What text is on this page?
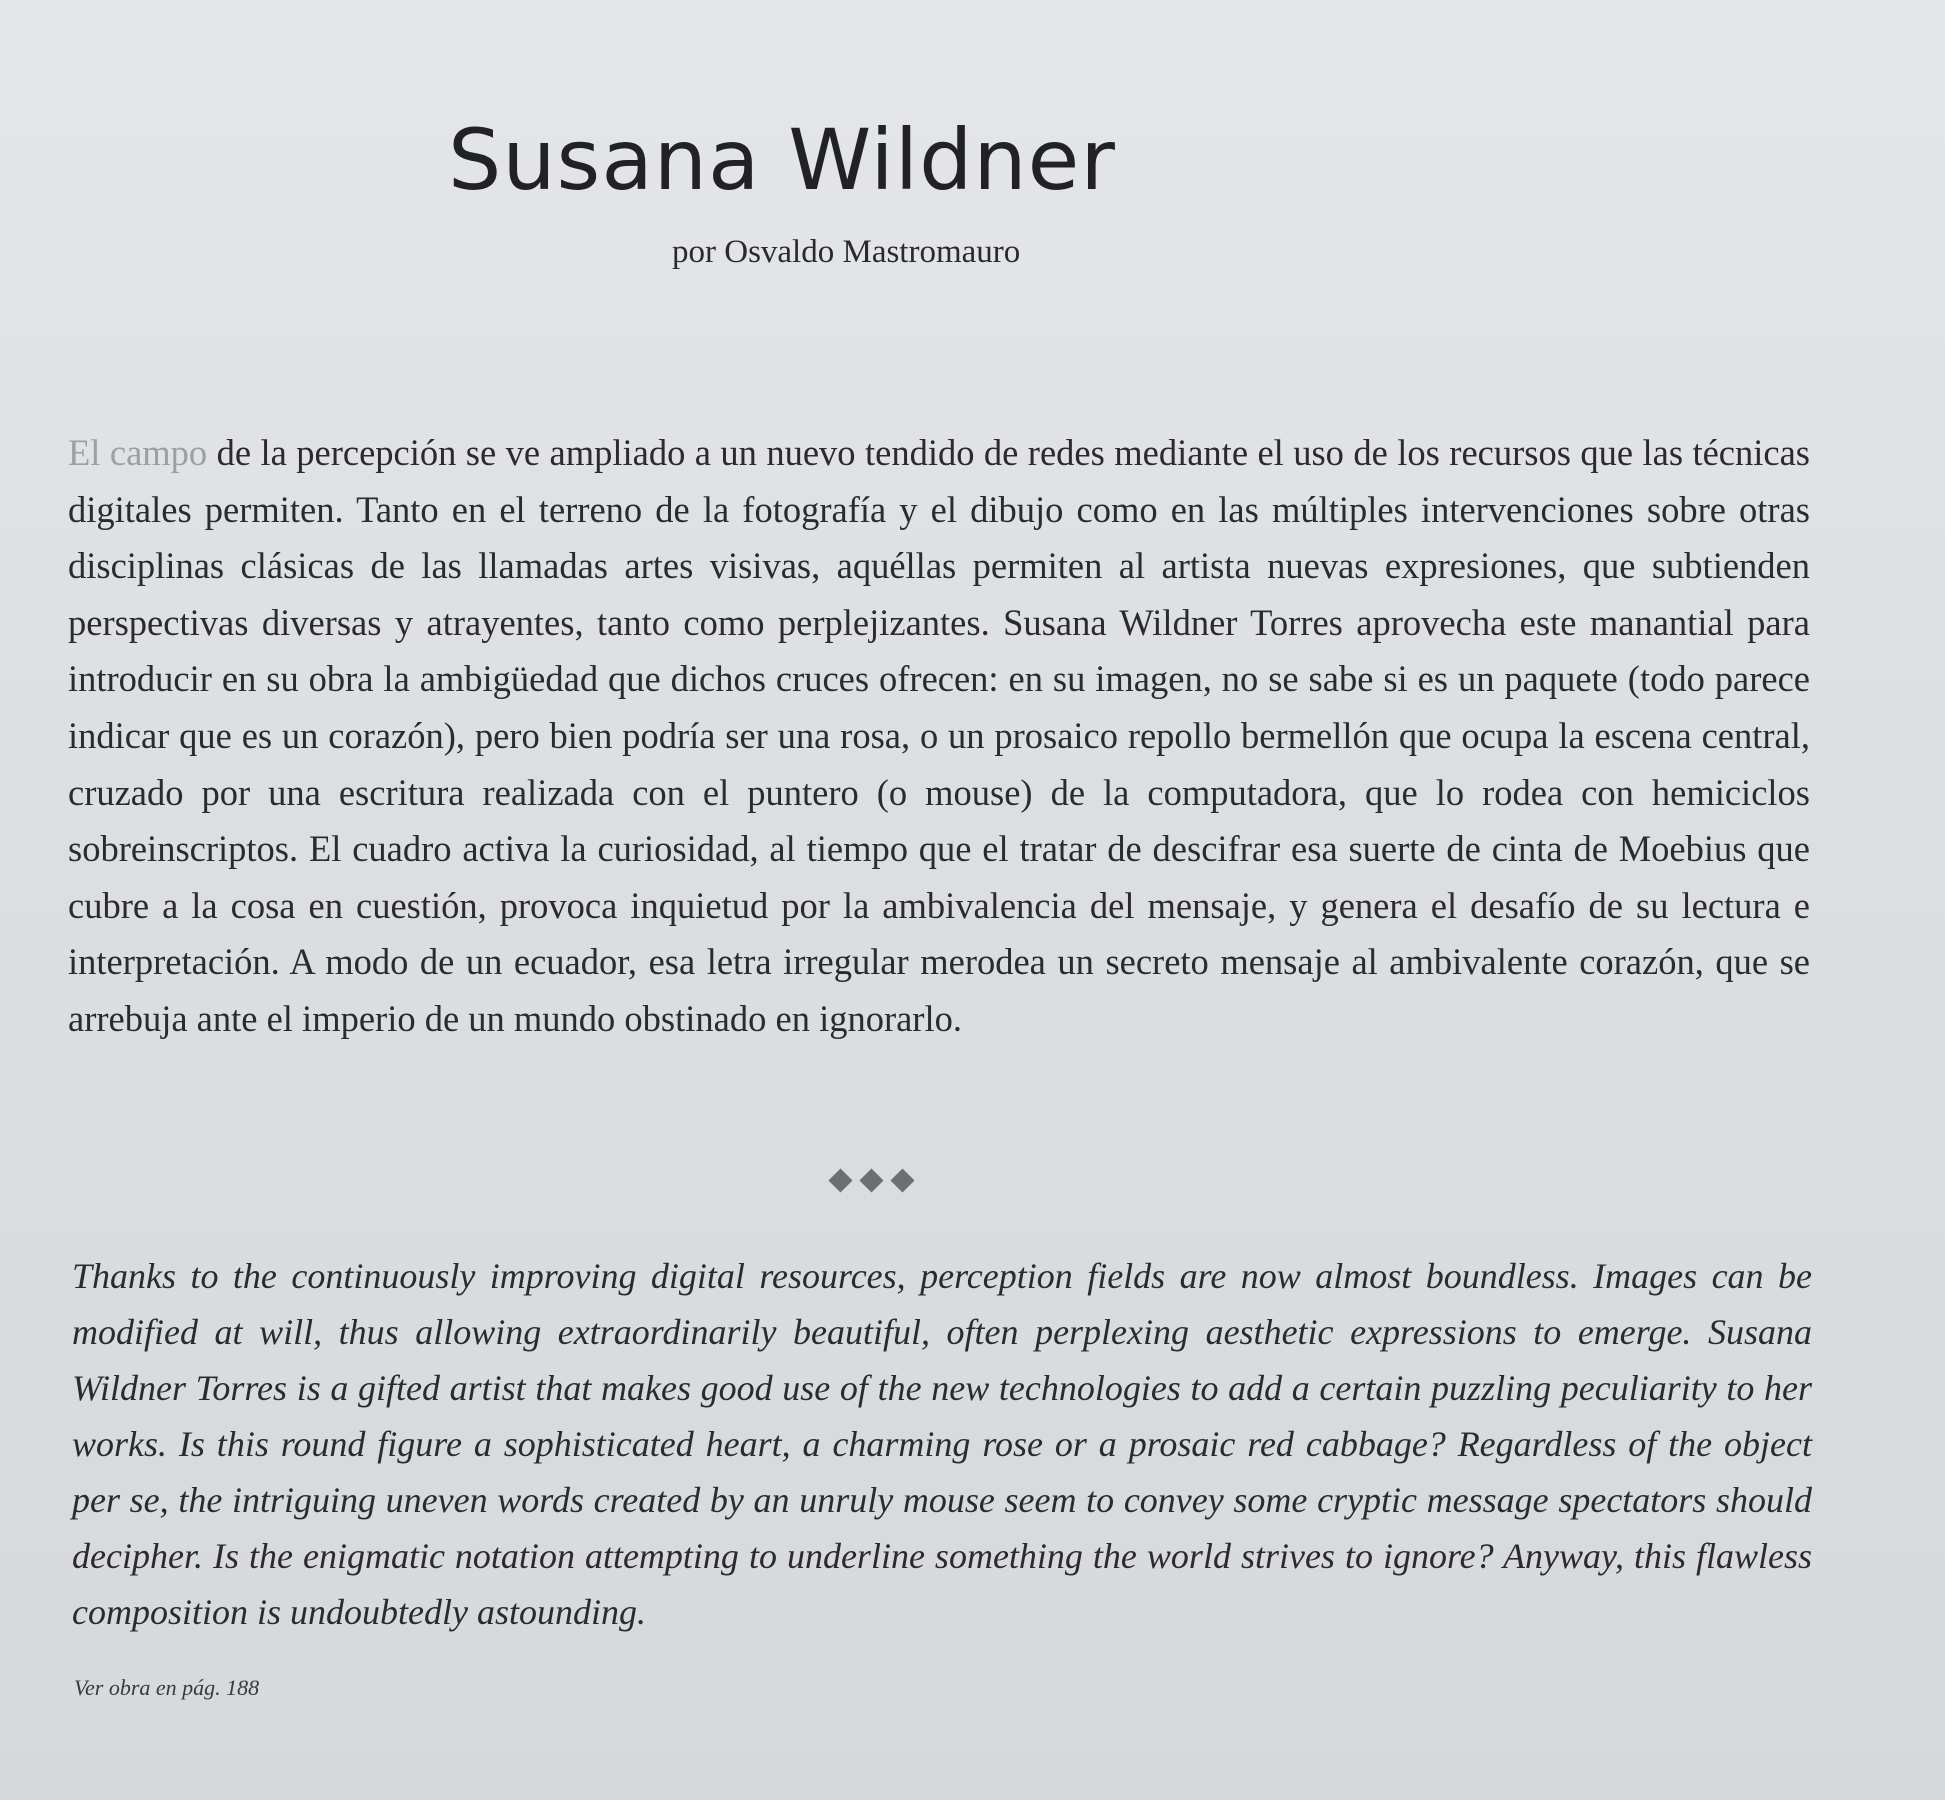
Susana Wildner

por Osvaldo Mastromauro

El campo de la percepción se ve ampliado a un nuevo tendido de redes mediante el uso de los recursos que las técnicas digitales permiten. Tanto en el terreno de la fotografía y el dibujo como en las múltiples intervenciones sobre otras disciplinas clásicas de las llamadas artes visivas, aquéllas permiten al artista nuevas expresiones, que subtienden perspectivas diversas y atrayentes, tanto como perplejizantes. Susana Wildner Torres aprovecha este manantial para introducir en su obra la ambigüedad que dichos cruces ofrecen: en su imagen, no se sabe si es un paquete (todo parece indicar que es un corazón), pero bien podría ser una rosa, o un prosaico repollo bermellón que ocupa la escena central, cruzado por una escritura realizada con el puntero (o mouse) de la computadora, que lo rodea con hemiciclos sobreinscriptos. El cuadro activa la curiosidad, al tiempo que el tratar de descifrar esa suerte de cinta de Moebius que cubre a la cosa en cuestión, provoca inquietud por la ambivalencia del mensaje, y genera el desafío de su lectura e interpretación. A modo de un ecuador, esa letra irregular merodea un secreto mensaje al ambivalente corazón, que se arrebuja ante el imperio de un mundo obstinado en ignorarlo.

Thanks to the continuously improving digital resources, perception fields are now almost boundless. Images can be modified at will, thus allowing extraordinarily beautiful, often perplexing aesthetic expressions to emerge. Susana Wildner Torres is a gifted artist that makes good use of the new technologies to add a certain puzzling peculiarity to her works. Is this round figure a sophisticated heart, a charming rose or a prosaic red cabbage? Regardless of the object per se, the intriguing uneven words created by an unruly mouse seem to convey some cryptic message spectators should decipher. Is the enigmatic notation attempting to underline something the world strives to ignore? Anyway, this flawless composition is undoubtedly astounding.

Ver obra en pág. 188
